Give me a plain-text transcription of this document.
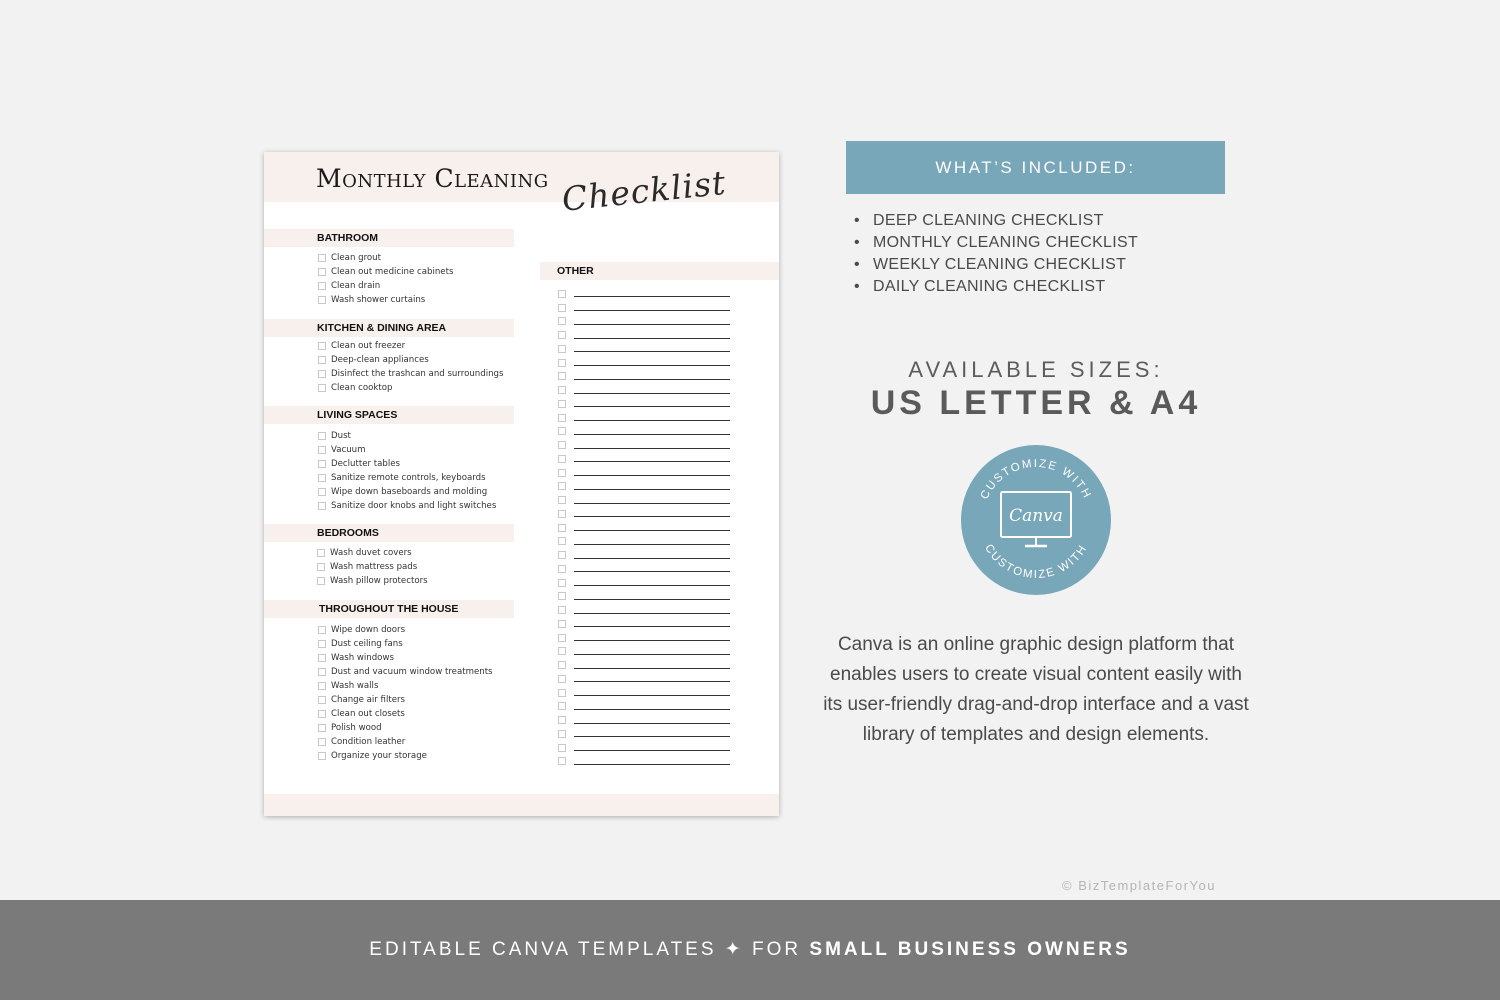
Monthly Cleaning Checklist
BATHROOM
Clean grout
Clean out medicine cabinets
Clean drain
Wash shower curtains
KITCHEN & DINING AREA
Clean out freezer
Deep-clean appliances
Disinfect the trashcan and surroundings
Clean cooktop
LIVING SPACES
Dust
Vacuum
Declutter tables
Sanitize remote controls, keyboards
Wipe down baseboards and molding
Sanitize door knobs and light switches
BEDROOMS
Wash duvet covers
Wash mattress pads
Wash pillow protectors
THROUGHOUT THE HOUSE
Wipe down doors
Dust ceiling fans
Wash windows
Dust and vacuum window treatments
Wash walls
Change air filters
Clean out closets
Polish wood
Condition leather
Organize your storage
OTHER
WHAT’S INCLUDED:
• DEEP CLEANING CHECKLIST
• MONTHLY CLEANING CHECKLIST
• WEEKLY CLEANING CHECKLIST
• DAILY CLEANING CHECKLIST
AVAILABLE SIZES:
US LETTER & A4
CUSTOMIZE WITH
CUSTOMIZE WITH
Canva
Canva is an online graphic design platform that enables users to create visual content easily with its user-friendly drag-and-drop interface and a vast library of templates and design elements.
© BizTemplateForYou
EDITABLE CANVA TEMPLATES ✦ FOR SMALL BUSINESS OWNERS
